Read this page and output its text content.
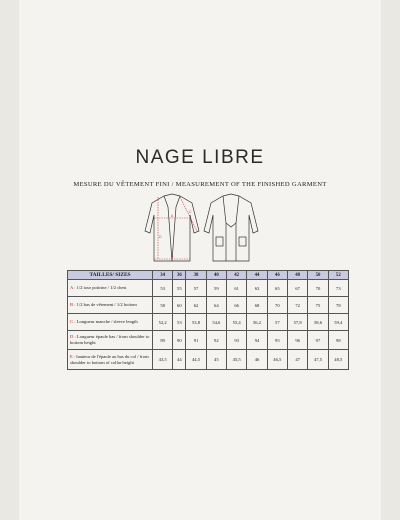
NAGE LIBRE
MESURE DU VÊTEMENT FINI / MEASUREMENT OF THE FINISHED GARMENT
A
B
C
D
TAILLES/ SIZES	34	36	38	40	42	44	46	48	50	52
A : 1/2 tour poitrine / 1/2 chest	53	55	57	59	61	63	65	67	70	73
B : 1/2 bas de vêtement / 1/2 bottom	58	60	62	64	66	68	70	72	75	78
C : Longueur manche / sleeve length	52,2	53	53,8	54,6	55,4	56,2	57	57,8	58,6	59,4
D : Longueur épaule bas / from shoulder to bottom height	89	90	91	92	93	94	95	96	97	98
E : hauteur de l'épaule au bas du col / from shoulder to bottom of collar height	43,5	44	44,5	45	45,5	46	46,5	47	47,5	48,5
